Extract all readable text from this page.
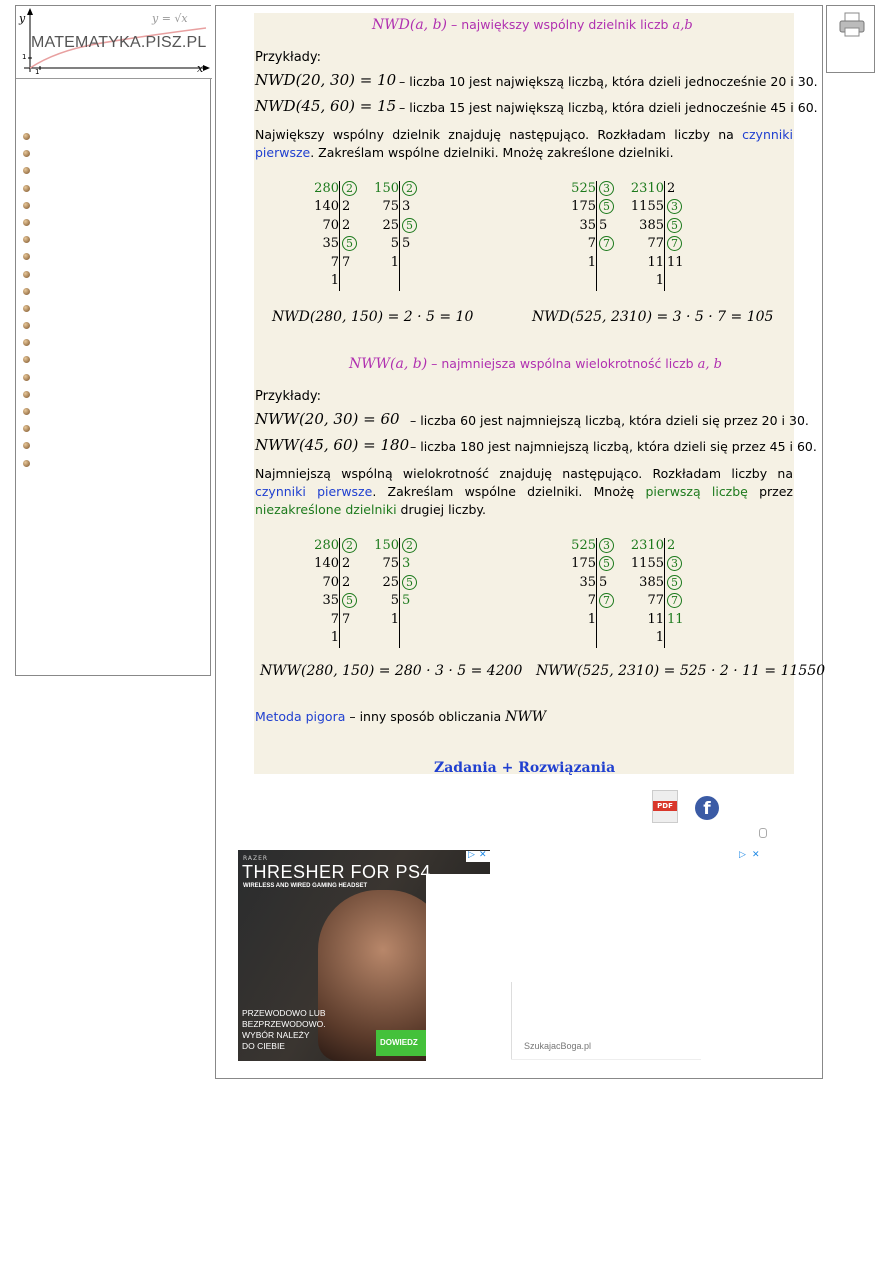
y	y = √x
MATEMATYKA.PISZ.PL
1
1	x
NWD(a, b) – największy wspólny dzielnik liczb a,b
Przykłady:
NWD(20, 30) = 10 – liczba 10 jest największą liczbą, która dzieli jednocześnie 20 i 30.
NWD(45, 60) = 15 – liczba 15 jest największą liczbą, która dzieli jednocześnie 45 i 60.
Największy wspólny dzielnik znajduję następująco. Rozkładam liczby na czynniki pierwsze. Zakreślam wspólne dzielniki. Mnożę zakreślone dzielniki.
280 2	150 2
140 2 75 3
70 2 25 5
35 5	5 5
7 7	1
1
525 3	2310 2
175 5	1155 3
35 5 385 5
7 7	77 7
1	11 11
1
NWD(280, 150) = 2 · 5 = 10	NWD(525, 2310) = 3 · 5 · 7 = 105
NWW(a, b) – najmniejsza wspólna wielokrotność liczb a, b
Przykłady:
NWW(20, 30) = 60 – liczba 60 jest najmniejszą liczbą, która dzieli się przez 20 i 30.
NWW(45, 60) = 180 – liczba 180 jest najmniejszą liczbą, która dzieli się przez 45 i 60.
Najmniejszą wspólną wielokrotność znajduję następująco. Rozkładam liczby na czynniki pierwsze. Zakreślam wspólne dzielniki. Mnożę pierwszą liczbę przez niezakreślone dzielniki drugiej liczby.
280 2	150 2
140 2 75 3
70 2 25 5
35 5	5 5
7 7	1
1
525 3	2310 2
175 5	1155 3
35 5 385 5
7 7	77 7
1	11 11
1
NWW(280, 150) = 280 · 3 · 5 = 4200 NWW(525, 2310) = 525 · 2 · 11 = 11550
Metoda pigora – inny sposób obliczania NWW
Zadania + Rozwiązania
PDF	f
RAZER
THRESHER FOR PS4
WIRELESS AND WIRED GAMING HEADSET
PRZEWODOWO LUB
BEZPRZEWODOWO.
WYBÓR NALEŻY
DO CIEBIE	DOWIEDZ
▷ ✕	▷ ✕
SzukajacBoga.pl
